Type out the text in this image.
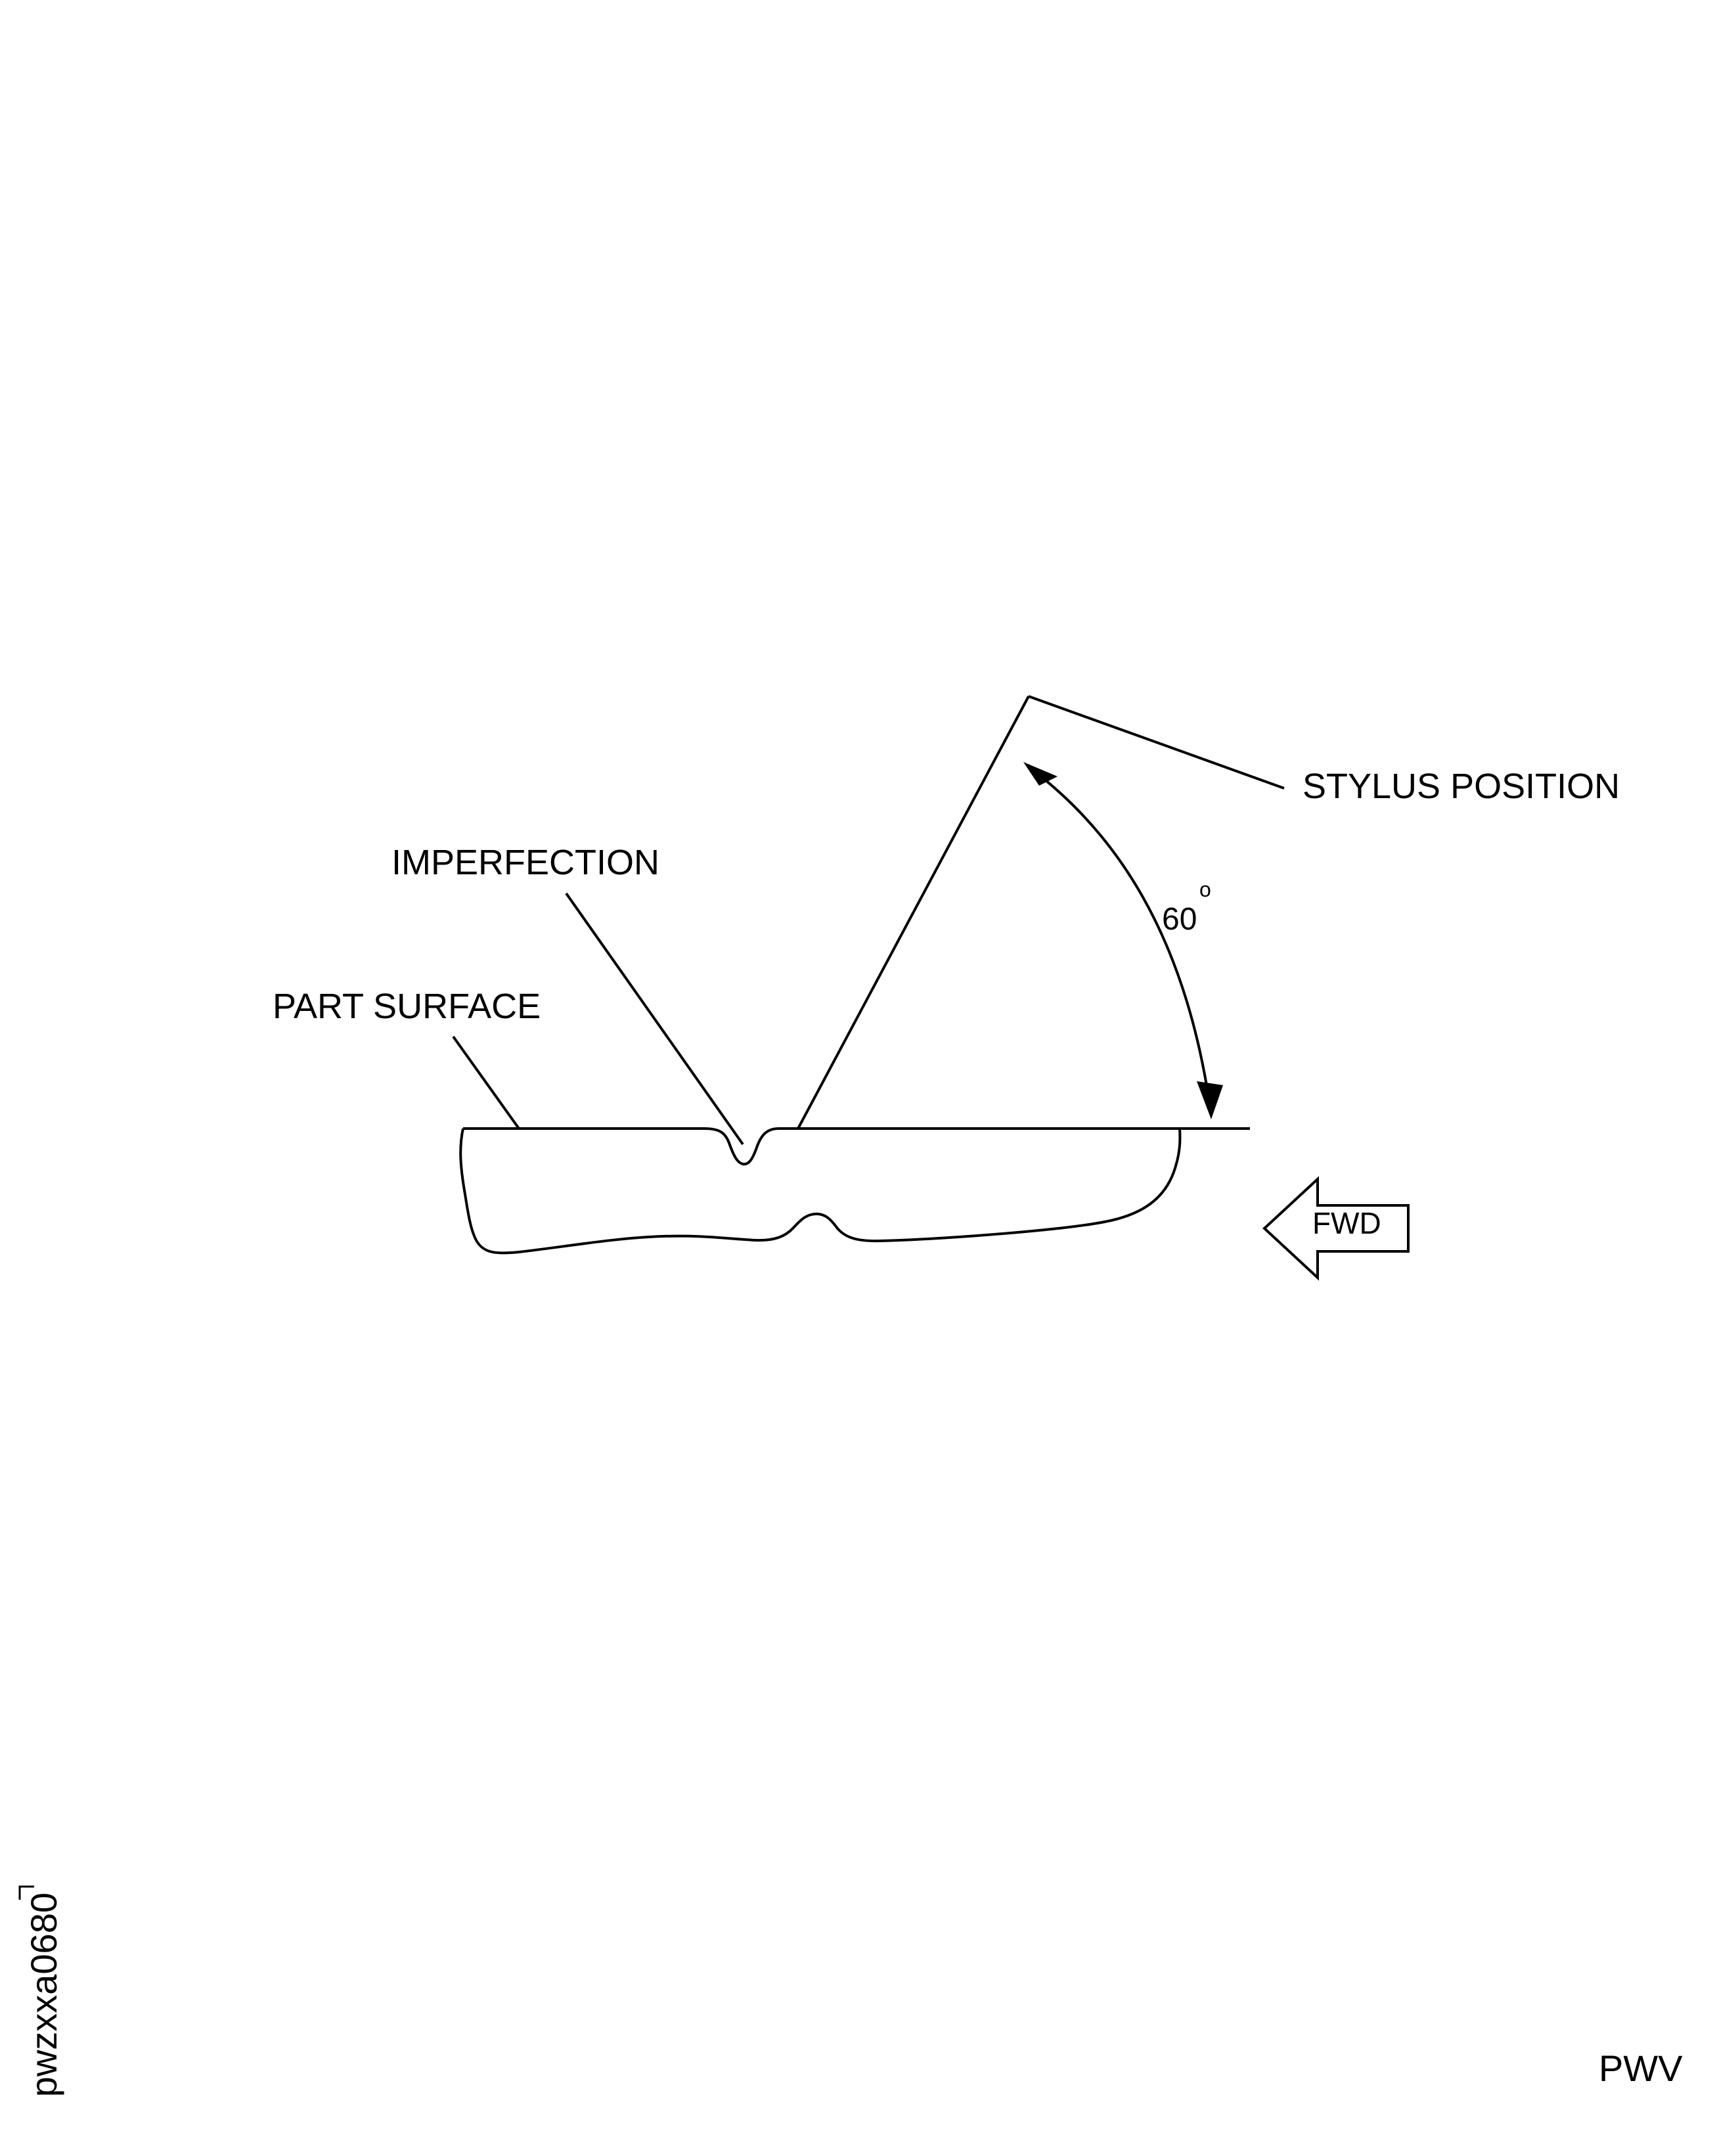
STYLUS POSITION
IMPERFECTION
PART SURFACE
60
o
FWD
PWV
pwzxxa0680
